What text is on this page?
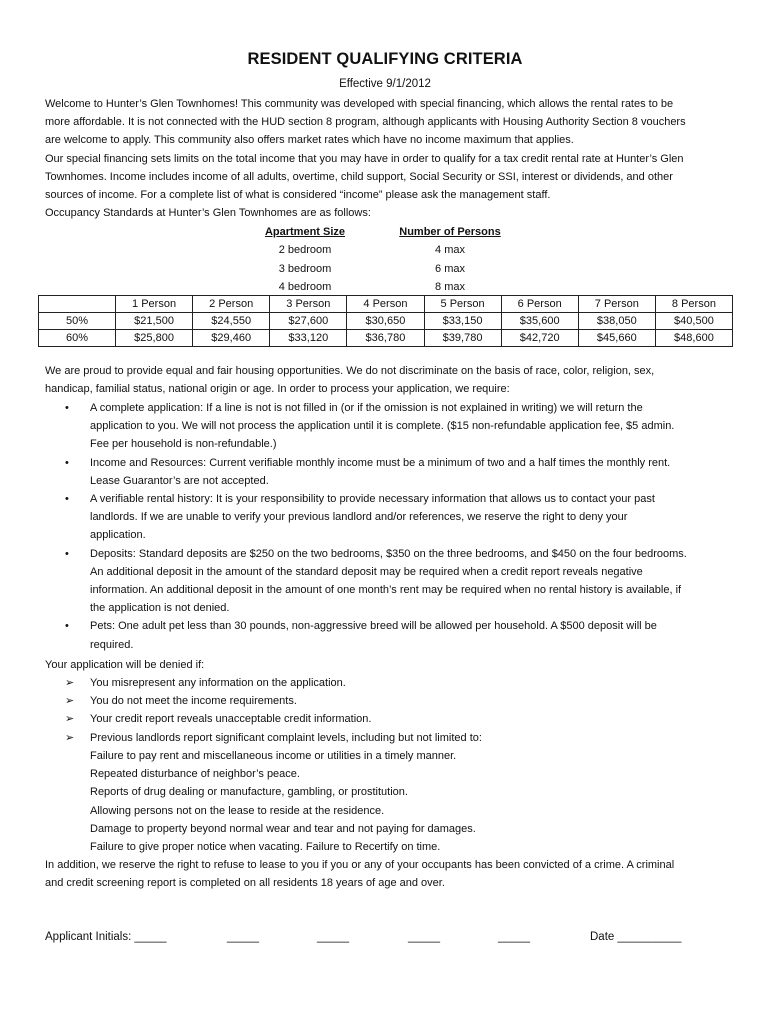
RESIDENT QUALIFYING CRITERIA
Effective 9/1/2012
Welcome to Hunter’s Glen Townhomes! This community was developed with special financing, which allows the rental rates to be
more affordable. It is not connected with the HUD section 8 program, although applicants with Housing Authority Section 8 vouchers
are welcome to apply. This community also offers market rates which have no income maximum that applies.
Our special financing sets limits on the total income that you may have in order to qualify for a tax credit rental rate at Hunter’s Glen
Townhomes. Income includes income of all adults, overtime, child support, Social Security or SSI, interest or dividends, and other
sources of income. For a complete list of what is considered “income” please ask the management staff.
Occupancy Standards at Hunter’s Glen Townhomes are as follows:
Apartment Size	Number of Persons
2 bedroom	4 max
3 bedroom	6 max
4 bedroom	8 max
	1 Person	2 Person	3 Person	4 Person	5 Person	6 Person	7 Person	8 Person
50%	$21,500	$24,550	$27,600	$30,650	$33,150	$35,600	$38,050	$40,500
60%	$25,800	$29,460	$33,120	$36,780	$39,780	$42,720	$45,660	$48,600
We are proud to provide equal and fair housing opportunities. We do not discriminate on the basis of race, color, religion, sex,
handicap, familial status, national origin or age. In order to process your application, we require:
• A complete application: If a line is not is not filled in (or if the omission is not explained in writing) we will return the
application to you. We will not process the application until it is complete. ($15 non-refundable application fee, $5 admin.
Fee per household is non-refundable.)
• Income and Resources: Current verifiable monthly income must be a minimum of two and a half times the monthly rent.
Lease Guarantor’s are not accepted.
• A verifiable rental history: It is your responsibility to provide necessary information that allows us to contact your past
landlords. If we are unable to verify your previous landlord and/or references, we reserve the right to deny your
application.
• Deposits: Standard deposits are $250 on the two bedrooms, $350 on the three bedrooms, and $450 on the four bedrooms.
An additional deposit in the amount of the standard deposit may be required when a credit report reveals negative
information. An additional deposit in the amount of one month’s rent may be required when no rental history is available, if
the application is not denied.
• Pets: One adult pet less than 30 pounds, non-aggressive breed will be allowed per household. A $500 deposit will be
required.
Your application will be denied if:
➢ You misrepresent any information on the application.
➢ You do not meet the income requirements.
➢ Your credit report reveals unacceptable credit information.
➢ Previous landlords report significant complaint levels, including but not limited to:
Failure to pay rent and miscellaneous income or utilities in a timely manner.
Repeated disturbance of neighbor’s peace.
Reports of drug dealing or manufacture, gambling, or prostitution.
Allowing persons not on the lease to reside at the residence.
Damage to property beyond normal wear and tear and not paying for damages.
Failure to give proper notice when vacating. Failure to Recertify on time.
In addition, we reserve the right to refuse to lease to you if you or any of your occupants has been convicted of a crime. A criminal
and credit screening report is completed on all residents 18 years of age and over.
Applicant Initials: _____	_____	_____	_____	_____	Date __________
